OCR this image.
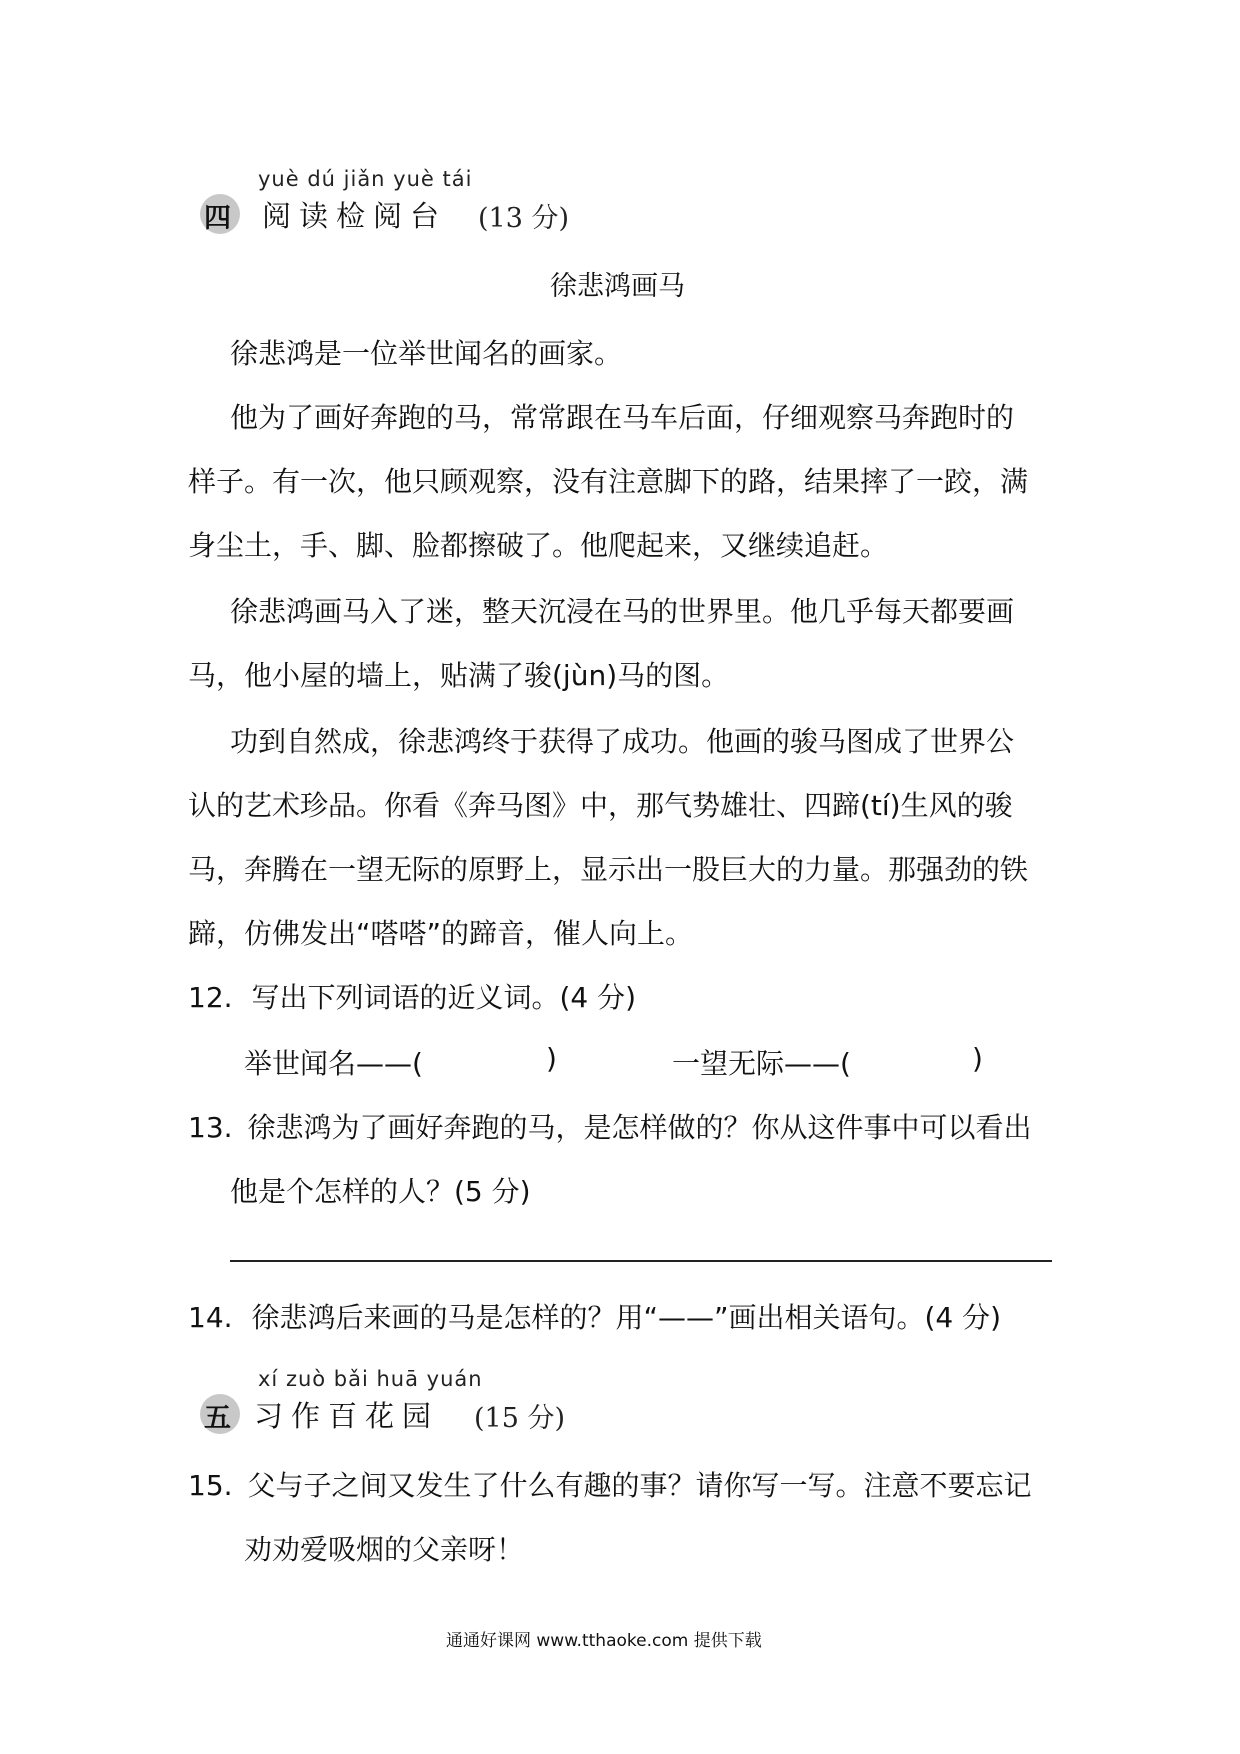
yuè dú jiǎn yuè tái
四 阅读检阅台 (13 分)
徐悲鸿画马
徐悲鸿是一位举世闻名的画家。
他为了画好奔跑的马，常常跟在马车后面，仔细观察马奔跑时的
样子。有一次，他只顾观察，没有注意脚下的路，结果摔了一跤，满
身尘土，手、脚、脸都擦破了。他爬起来，又继续追赶。
徐悲鸿画马入了迷，整天沉浸在马的世界里。他几乎每天都要画
马，他小屋的墙上，贴满了骏(jùn)马的图。
功到自然成，徐悲鸿终于获得了成功。他画的骏马图成了世界公
认的艺术珍品。你看《奔马图》中，那气势雄壮、四蹄(tí)生风的骏
马，奔腾在一望无际的原野上，显示出一股巨大的力量。那强劲的铁
蹄，仿佛发出“嗒嗒”的蹄音，催人向上。
12. 写出下列词语的近义词。(4 分)
举世闻名——(	)	一望无际——(	)
13. 徐悲鸿为了画好奔跑的马，是怎样做的？你从这件事中可以看出
他是个怎样的人？(5 分)
14. 徐悲鸿后来画的马是怎样的？用“——”画出相关语句。(4 分)
xí zuò bǎi huā yuán
五 习作百花园 (15 分)
15. 父与子之间又发生了什么有趣的事？请你写一写。注意不要忘记
劝劝爱吸烟的父亲呀！
通通好课网 www.tthaoke.com 提供下载
